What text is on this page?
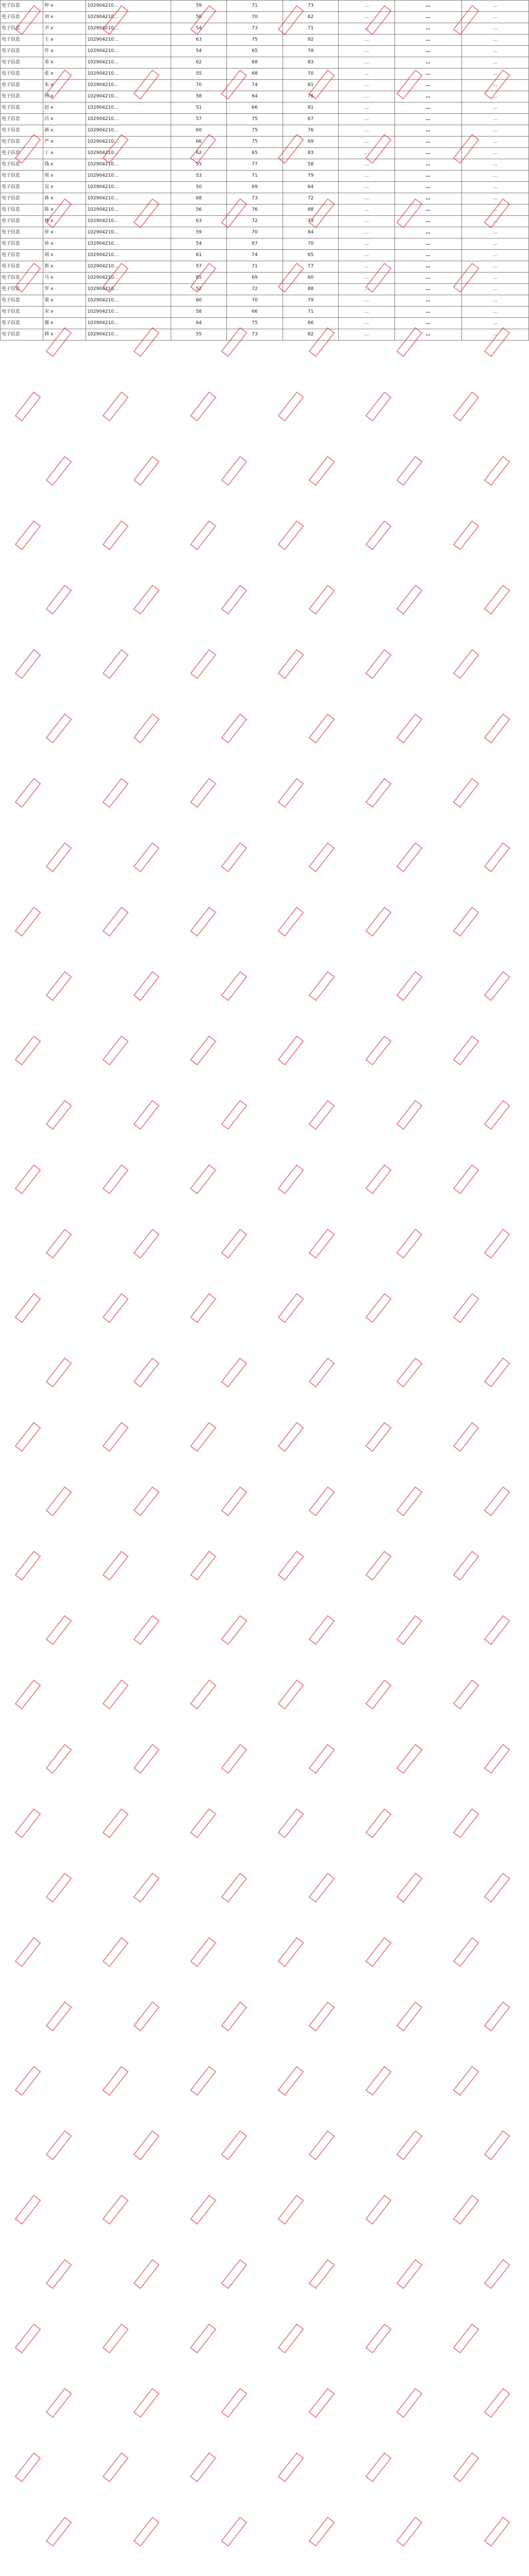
电子信息	仲 x	102904210…	59	71	73	…	…	…
电子信息	刘 x	102904210…	56	70	62	…	…	…
电子信息	尹 x	102904210…	54	73	71	…	…	…
电子信息	王 x	102904210…	63	75	92	…	…	…
电子信息	许 x	102904210…	54	65	78	…	…	…
电子信息	邓 x	102904210…	62	68	83	…	…	…
电子信息	张 x	102904210…	55	68	70	…	…	…
电子信息	朱 x	102904210…	70	74	81	…	…	…
电子信息	何 x	102904210…	58	64	76	…	…	…
电子信息	赵 x	102904210…	51	66	81	…	…	…
电子信息	冯 x	102904210…	57	75	67	…	…	…
电子信息	郝 x	102904210…	60	75	76	…	…	…
电子信息	严 x	102904210…	66	75	69	…	…	…
电子信息	丁 x	102904210…	62	65	83	…	…	…
电子信息	钱 x	102904210…	55	77	58	…	…	…
电子信息	周 x	102904210…	53	71	79	…	…	…
电子信息	吴 x	102904210…	50	69	64	…	…	…
电子信息	蒋 x	102904210…	68	73	72	…	…	…
电子信息	陈 x	102904210…	56	76	88	…	…	…
电子信息	林 x	102904210…	63	72	73	…	…	…
电子信息	徐 x	102904210…	59	70	84	…	…	…
电子信息	孙 x	102904210…	54	67	70	…	…	…
电子信息	胡 x	102904210…	61	74	65	…	…	…
电子信息	郭 x	102904210…	57	71	77	…	…	…
电子信息	马 x	102904210…	65	69	60	…	…	…
电子信息	罗 x	102904210…	52	72	88	…	…	…
电子信息	梁 x	102904210…	60	70	79	…	…	…
电子信息	宋 x	102904210…	58	66	71	…	…	…
电子信息	谢 x	102904210…	64	75	66	…	…	…
电子信息	韩 x	102904210…	55	73	82	…	…	…
